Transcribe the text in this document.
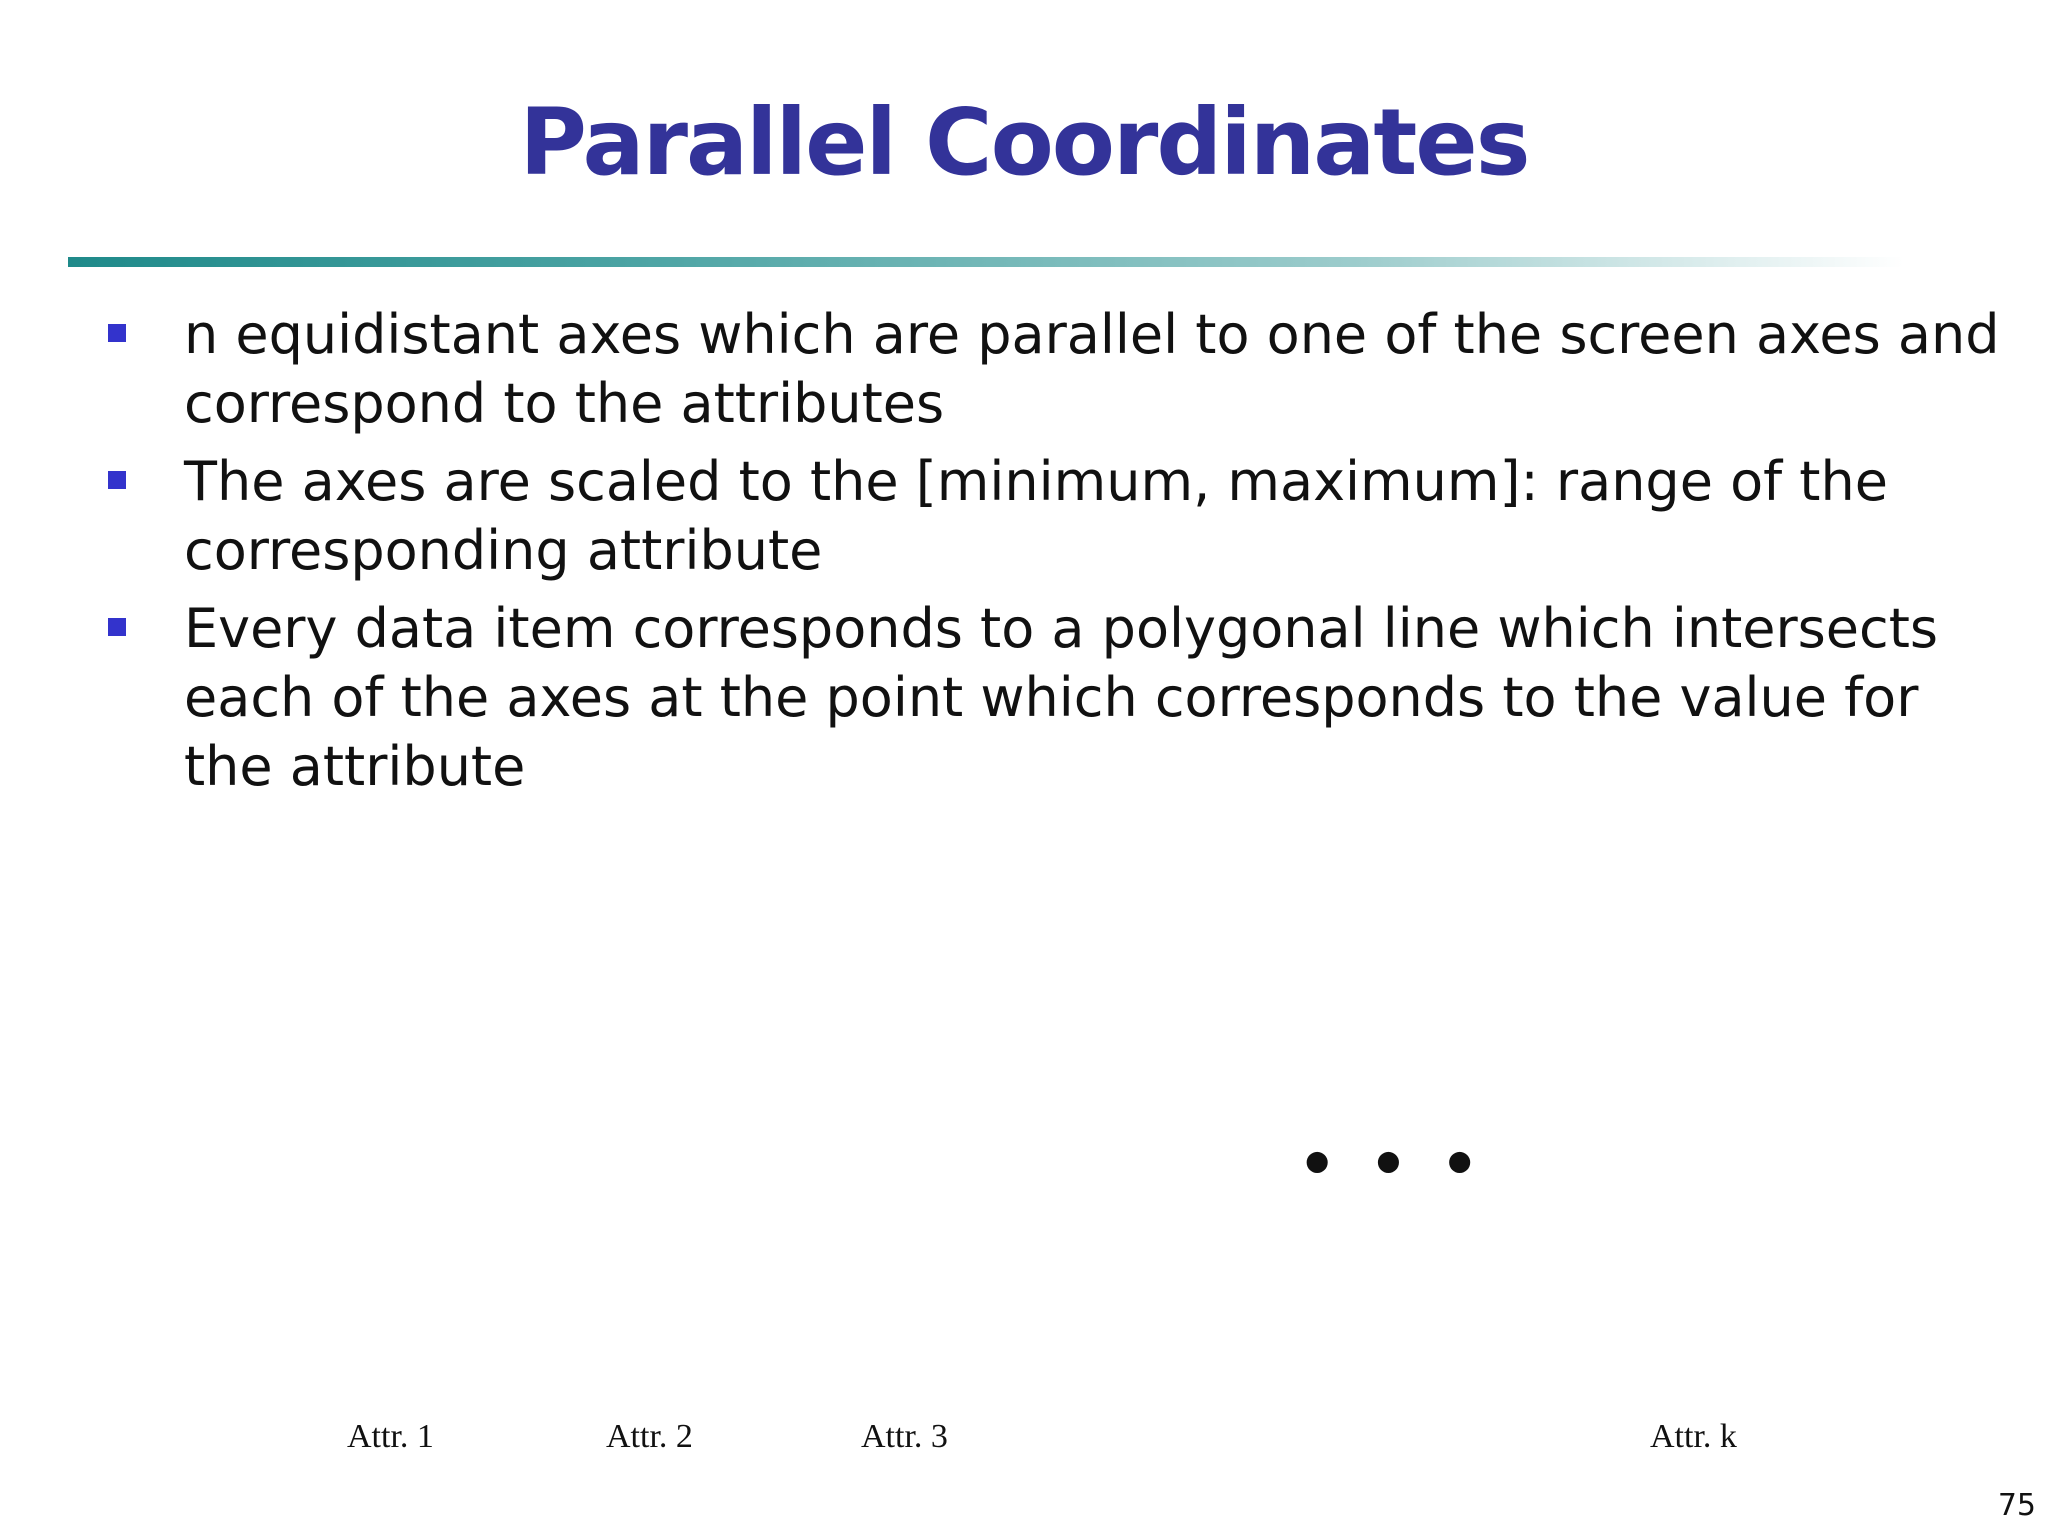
Parallel Coordinates
n equidistant axes which are parallel to one of the screen axes and correspond to the attributes
The axes are scaled to the [minimum, maximum]: range of the corresponding attribute
Every data item corresponds to a polygonal line which intersects each of the axes at the point which corresponds to the value for the attribute
• • •
Attr. 1	Attr. 2	Attr. 3	Attr. k
75
